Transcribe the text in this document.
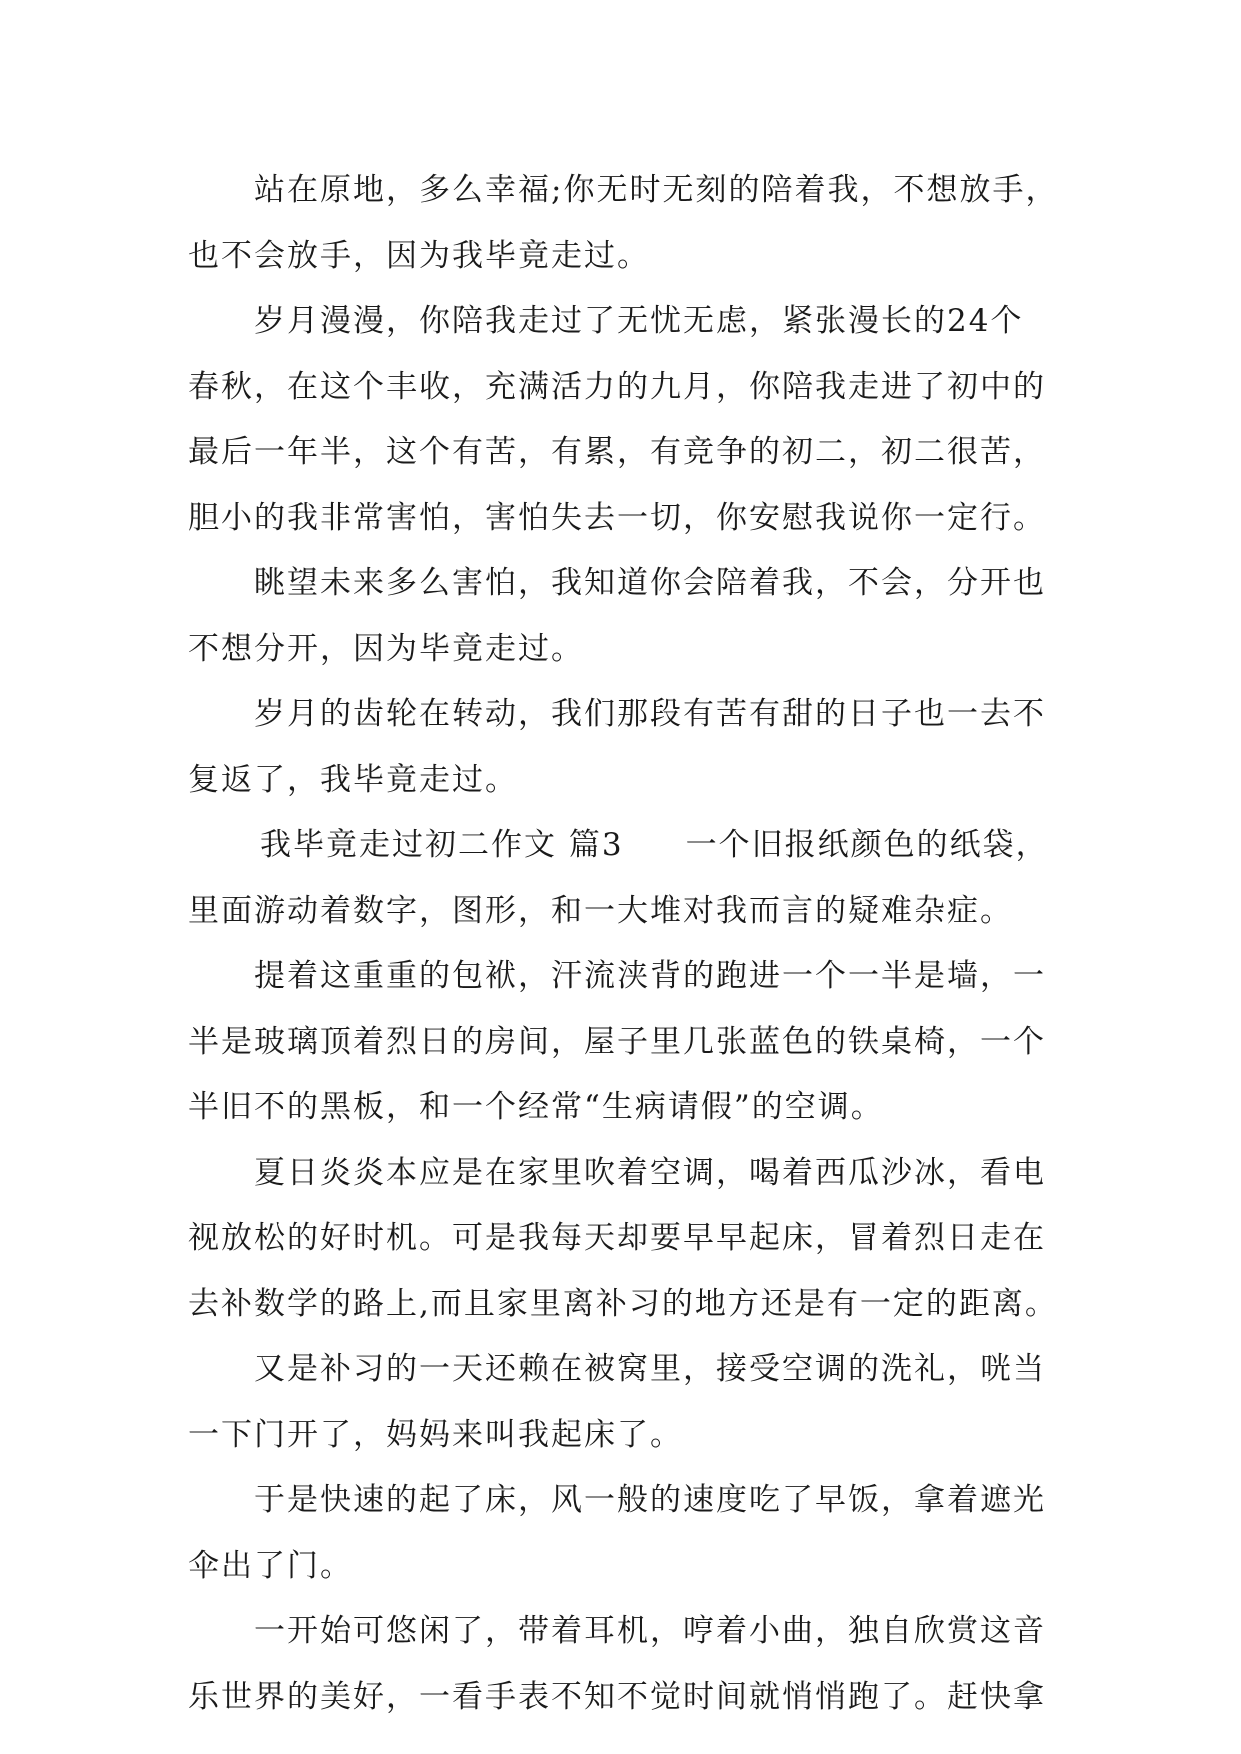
站在原地，多么幸福;你无时无刻的陪着我，不想放手，
也不会放手，因为我毕竟走过。
岁月漫漫，你陪我走过了无忧无虑，紧张漫长的24个
春秋，在这个丰收，充满活力的九月，你陪我走进了初中的
最后一年半，这个有苦，有累，有竞争的初二，初二很苦，
胆小的我非常害怕，害怕失去一切，你安慰我说你一定行。
眺望未来多么害怕，我知道你会陪着我，不会，分开也
不想分开，因为毕竟走过。
岁月的齿轮在转动，我们那段有苦有甜的日子也一去不
复返了，我毕竟走过。
我毕竟走过初二作文 篇3 一个旧报纸颜色的纸袋，
里面游动着数字，图形，和一大堆对我而言的疑难杂症。
提着这重重的包袱，汗流浃背的跑进一个一半是墙，一
半是玻璃顶着烈日的房间，屋子里几张蓝色的铁桌椅，一个
半旧不的黑板，和一个经常“生病请假”的空调。
夏日炎炎本应是在家里吹着空调，喝着西瓜沙冰，看电
视放松的好时机。可是我每天却要早早起床，冒着烈日走在
去补数学的路上,而且家里离补习的地方还是有一定的距离。
又是补习的一天还赖在被窝里，接受空调的洗礼，咣当
一下门开了，妈妈来叫我起床了。
于是快速的起了床，风一般的速度吃了早饭，拿着遮光
伞出了门。
一开始可悠闲了，带着耳机，哼着小曲，独自欣赏这音
乐世界的美好，一看手表不知不觉时间就悄悄跑了。赶快拿
